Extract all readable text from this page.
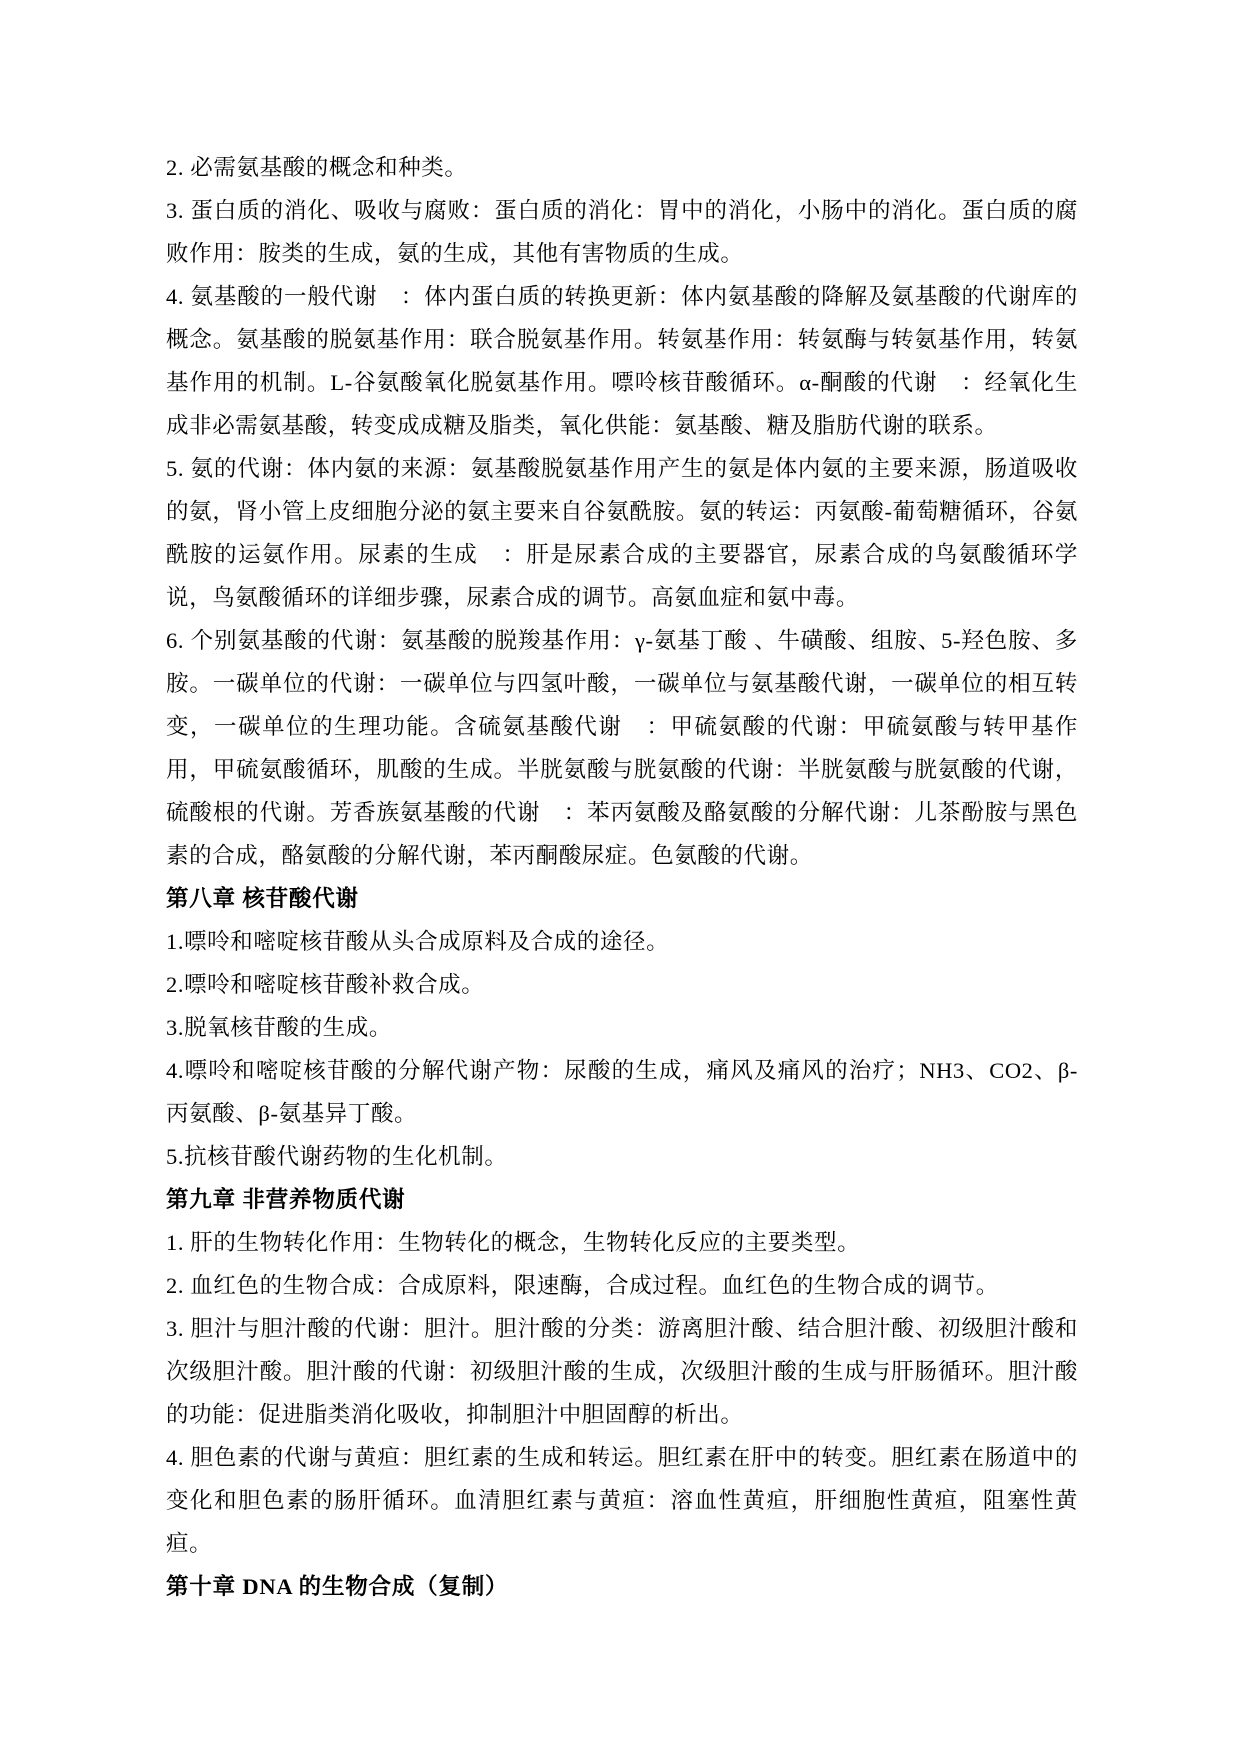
2. 必需氨基酸的概念和种类。
3. 蛋白质的消化、吸收与腐败：蛋白质的消化：胃中的消化，小肠中的消化。蛋白质的腐败作用：胺类的生成，氨的生成，其他有害物质的生成。
4. 氨基酸的一般代谢　：体内蛋白质的转换更新：体内氨基酸的降解及氨基酸的代谢库的概念。氨基酸的脱氨基作用：联合脱氨基作用。转氨基作用：转氨酶与转氨基作用，转氨基作用的机制。L-谷氨酸氧化脱氨基作用。嘌呤核苷酸循环。α-酮酸的代谢　：经氧化生成非必需氨基酸，转变成成糖及脂类，氧化供能：氨基酸、糖及脂肪代谢的联系。
5. 氨的代谢：体内氨的来源：氨基酸脱氨基作用产生的氨是体内氨的主要来源，肠道吸收的氨，肾小管上皮细胞分泌的氨主要来自谷氨酰胺。氨的转运：丙氨酸-葡萄糖循环，谷氨酰胺的运氨作用。尿素的生成　：肝是尿素合成的主要器官，尿素合成的鸟氨酸循环学说，鸟氨酸循环的详细步骤，尿素合成的调节。高氨血症和氨中毒。
6. 个别氨基酸的代谢：氨基酸的脱羧基作用：γ-氨基丁酸 、牛磺酸、组胺、5-羟色胺、多胺。一碳单位的代谢：一碳单位与四氢叶酸，一碳单位与氨基酸代谢，一碳单位的相互转变，一碳单位的生理功能。含硫氨基酸代谢　：甲硫氨酸的代谢：甲硫氨酸与转甲基作用，甲硫氨酸循环，肌酸的生成。半胱氨酸与胱氨酸的代谢：半胱氨酸与胱氨酸的代谢，硫酸根的代谢。芳香族氨基酸的代谢　：苯丙氨酸及酪氨酸的分解代谢：儿茶酚胺与黑色素的合成，酪氨酸的分解代谢，苯丙酮酸尿症。色氨酸的代谢。
第八章 核苷酸代谢
1.嘌呤和嘧啶核苷酸从头合成原料及合成的途径。
2.嘌呤和嘧啶核苷酸补救合成。
3.脱氧核苷酸的生成。
4.嘌呤和嘧啶核苷酸的分解代谢产物：尿酸的生成，痛风及痛风的治疗；NH3、CO2、β-丙氨酸、β-氨基异丁酸。
5.抗核苷酸代谢药物的生化机制。
第九章 非营养物质代谢
1. 肝的生物转化作用：生物转化的概念，生物转化反应的主要类型。
2. 血红色的生物合成：合成原料，限速酶，合成过程。血红色的生物合成的调节。
3. 胆汁与胆汁酸的代谢：胆汁。胆汁酸的分类：游离胆汁酸、结合胆汁酸、初级胆汁酸和次级胆汁酸。胆汁酸的代谢：初级胆汁酸的生成，次级胆汁酸的生成与肝肠循环。胆汁酸的功能：促进脂类消化吸收，抑制胆汁中胆固醇的析出。
4. 胆色素的代谢与黄疸：胆红素的生成和转运。胆红素在肝中的转变。胆红素在肠道中的变化和胆色素的肠肝循环。血清胆红素与黄疸：溶血性黄疸，肝细胞性黄疸，阻塞性黄疸。
第十章 DNA 的生物合成（复制）
